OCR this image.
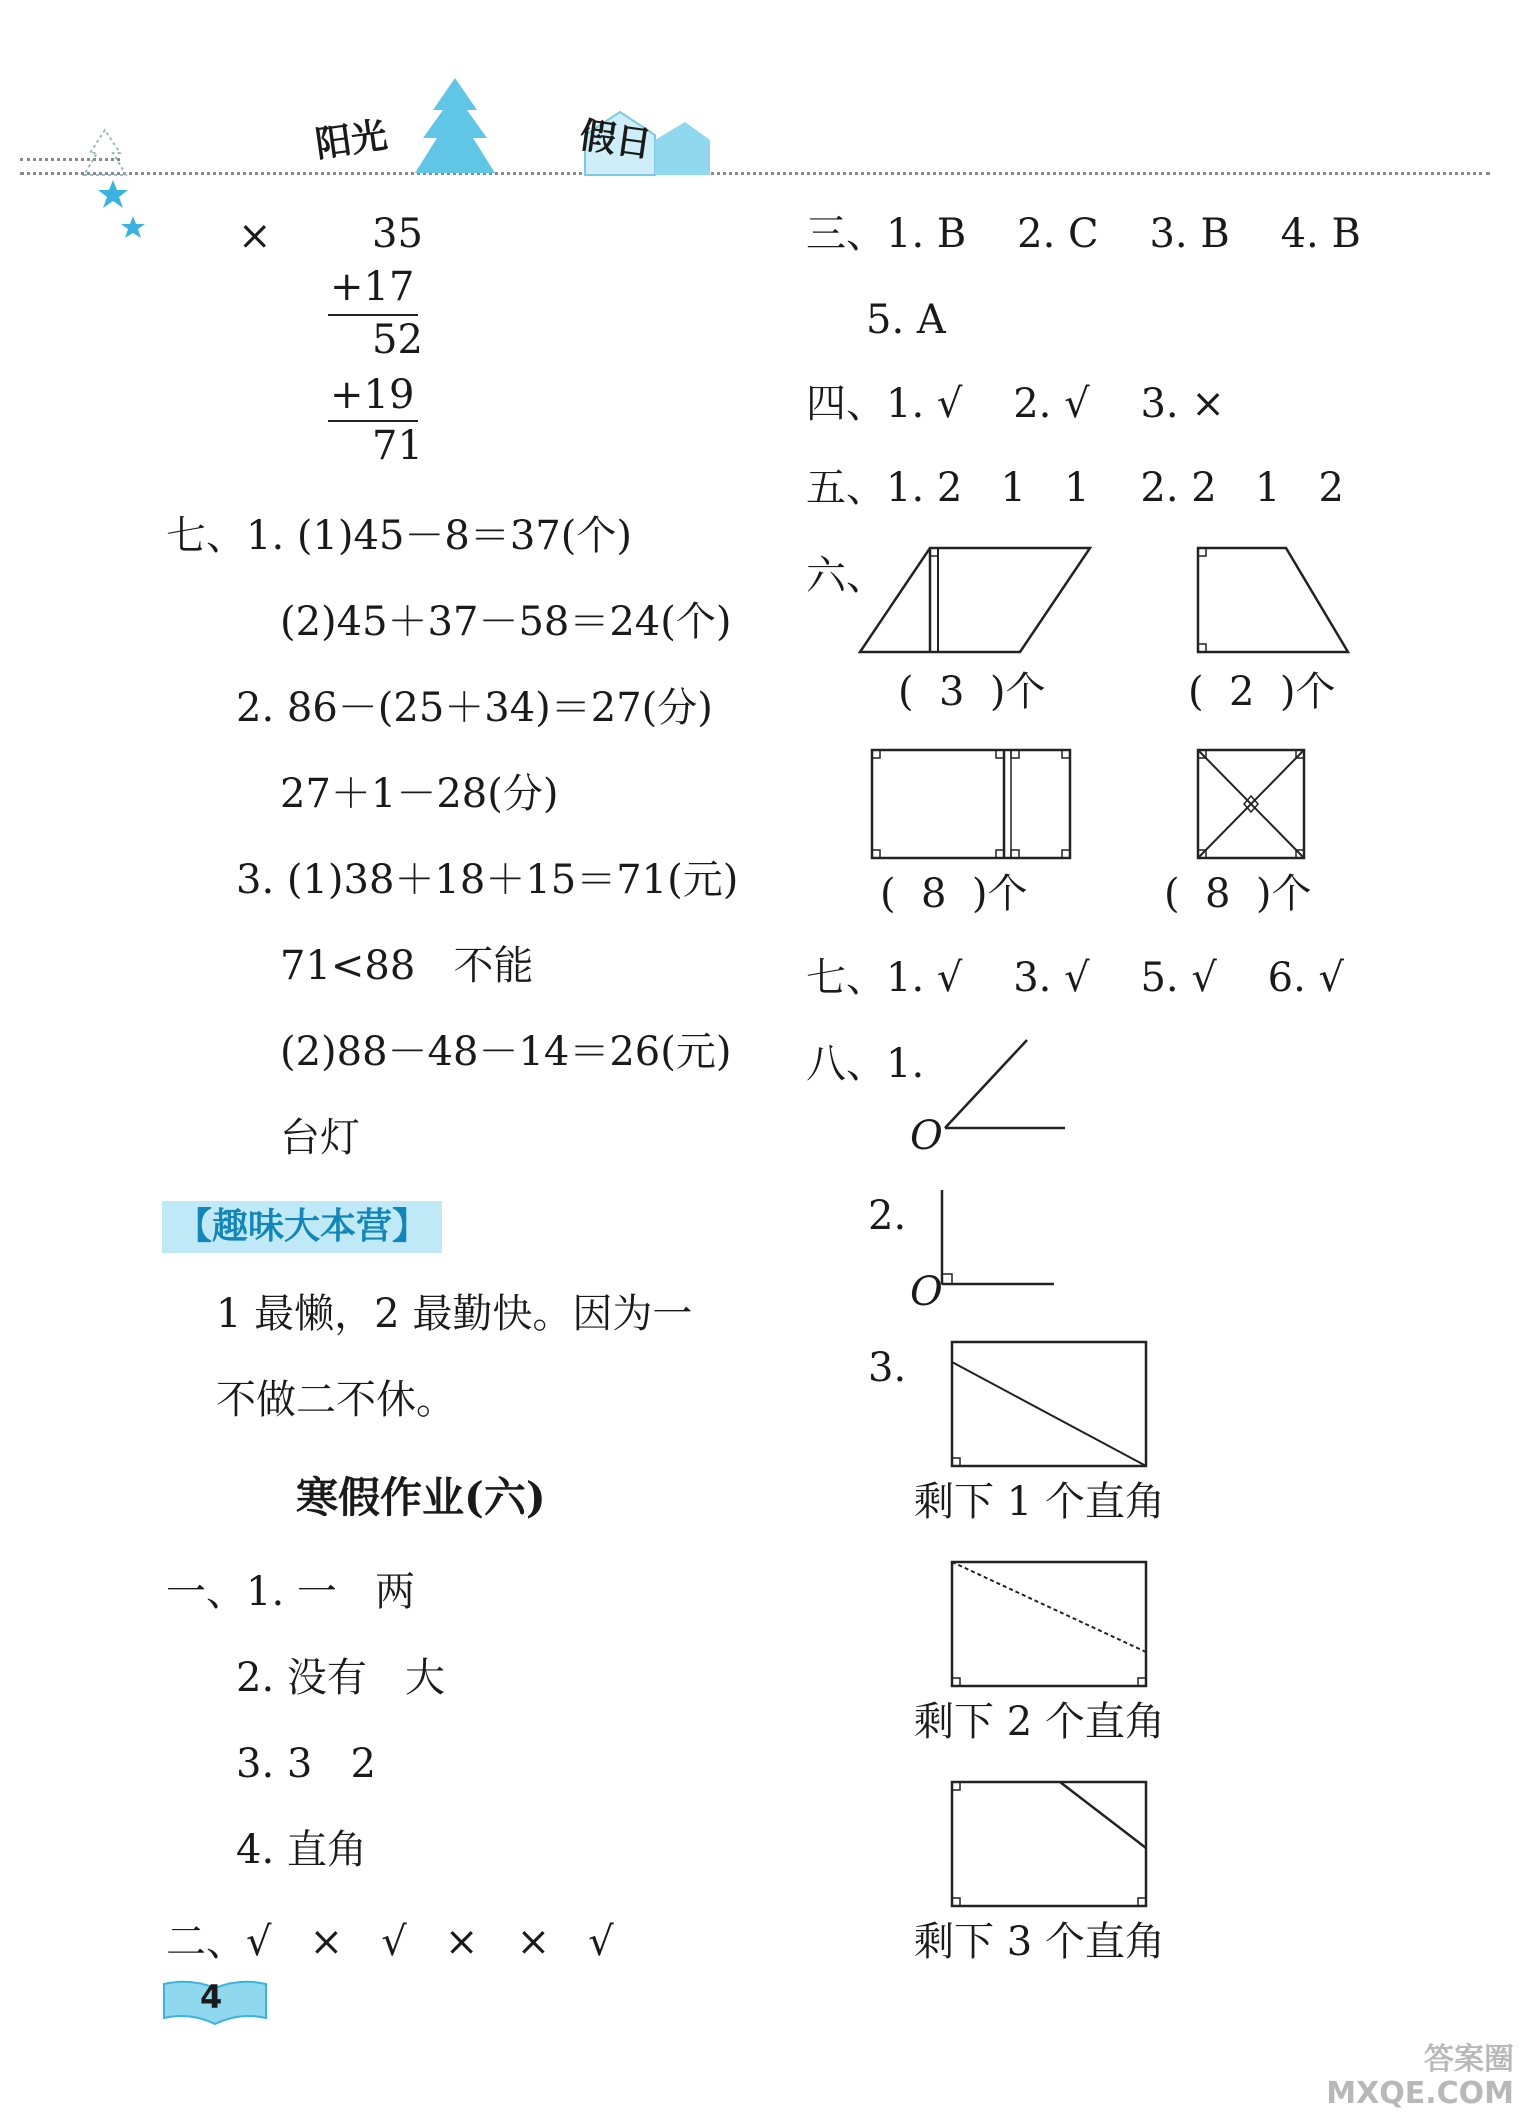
阳光	假日
×	35
+17
52
+19
71
七、1. (1)45－8＝37(个)
(2)45＋37－58＝24(个)
2. 86－(25＋34)＝27(分)
27＋1－28(分)
3. (1)38＋18＋15＝71(元)
71<88   不能
(2)88－48－14＝26(元)
台灯
【趣味大本营】
1 最懒，2 最勤快。因为一
不做二不休。
寒假作业(六)
一、1. 一   两
2. 没有   大
3. 3   2
4. 直角
二、√   ×   √   ×   ×   √
三、1. B    2. C    3. B    4. B
5. A
四、1. √    2. √    3. ×
五、1. 2   1   1    2. 2   1   2
六、
(  3  )个	(  2  )个
(  8  )个	(  8  )个
七、1. √    3. √    5. √    6. √
八、1.
O
2.
O
3.
剩下 1 个直角
剩下 2 个直角
剩下 3 个直角
4
答案圈
MXQE.COM
